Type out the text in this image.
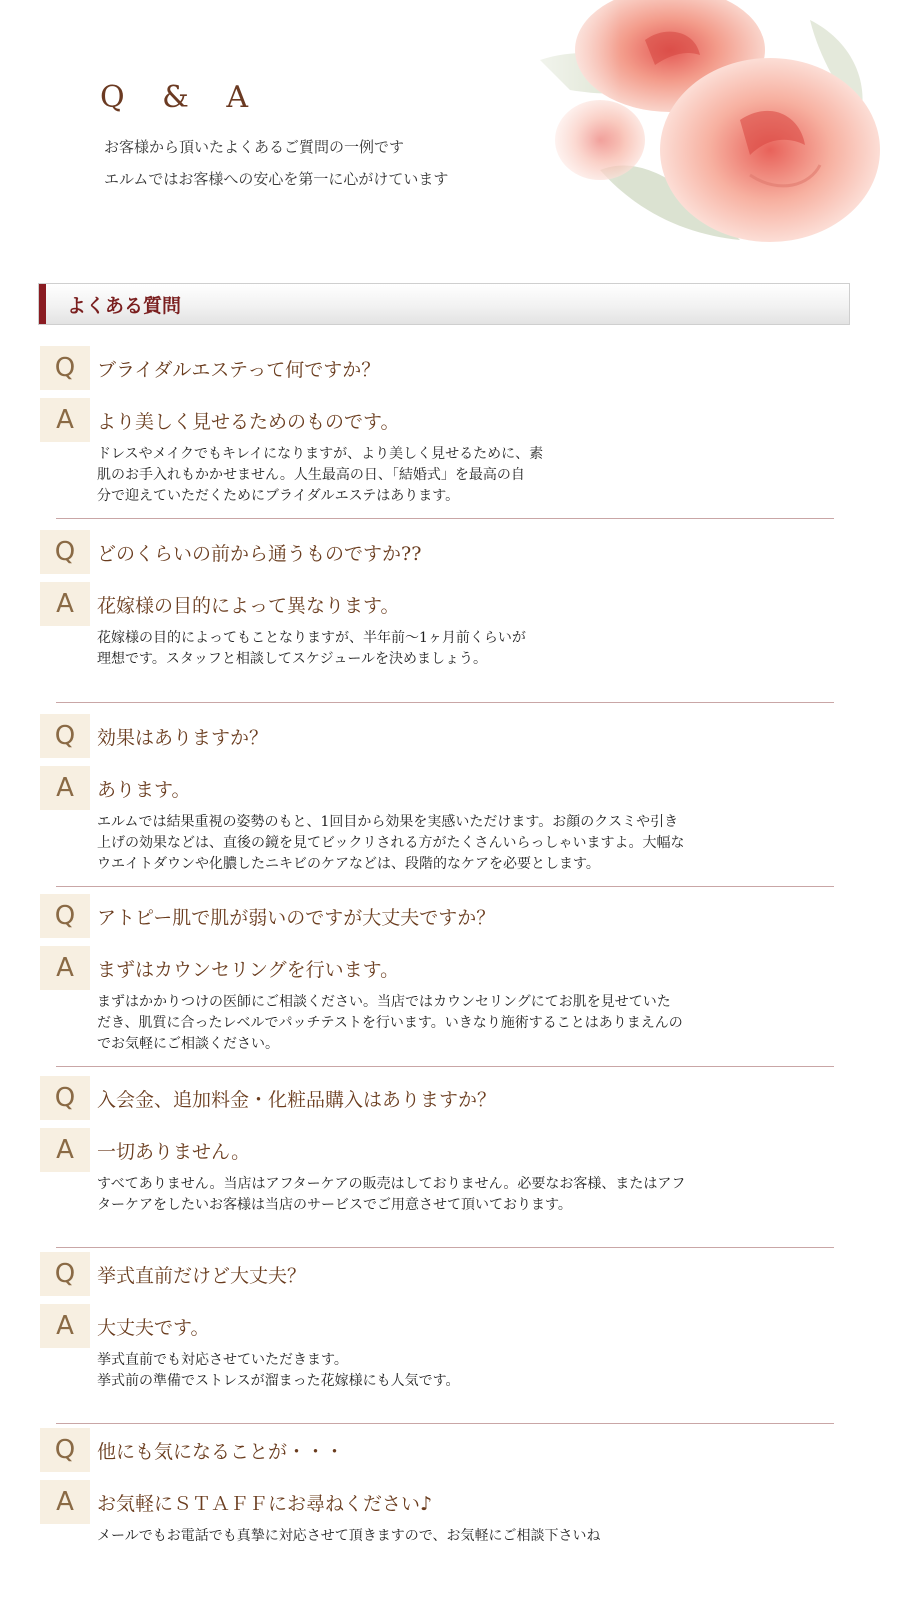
Q & A
お客様から頂いたよくあるご質問の一例です
エルムではお客様への安心を第一に心がけています
よくある質問
Q	ブライダルエステって何ですか？
A	より美しく見せるためのものです。
ドレスやメイクでもキレイになりますが、より美しく見せるために、素
肌のお手入れもかかせません。人生最高の日、「結婚式」を最高の自
分で迎えていただくためにブライダルエステはあります。
Q	どのくらいの前から通うものですか??
A	花嫁様の目的によって異なります。
花嫁様の目的によってもことなりますが、半年前〜1ヶ月前くらいが
理想です。スタッフと相談してスケジュールを決めましょう。
Q	効果はありますか？
A	あります。
エルムでは結果重視の姿勢のもと、1回目から効果を実感いただけます。お顔のクスミや引き
上げの効果などは、直後の鏡を見てビックリされる方がたくさんいらっしゃいますよ。大幅な
ウエイトダウンや化膿したニキビのケアなどは、段階的なケアを必要とします。
Q	アトピー肌で肌が弱いのですが大丈夫ですか？
A	まずはカウンセリングを行います。
まずはかかりつけの医師にご相談ください。当店ではカウンセリングにてお肌を見せていた
だき、肌質に合ったレベルでパッチテストを行います。いきなり施術することはありまえんの
でお気軽にご相談ください。
Q	入会金、追加料金・化粧品購入はありますか？
A	一切ありません。
すべてありません。当店はアフターケアの販売はしておりません。必要なお客様、またはアフ
ターケアをしたいお客様は当店のサービスでご用意させて頂いております。
Q	挙式直前だけど大丈夫？
A	大丈夫です。
挙式直前でも対応させていただきます。
挙式前の準備でストレスが溜まった花嫁様にも人気です。
Q	他にも気になることが・・・
A	お気軽にＳＴＡＦＦにお尋ねください♪
メールでもお電話でも真摯に対応させて頂きますので、お気軽にご相談下さいね
